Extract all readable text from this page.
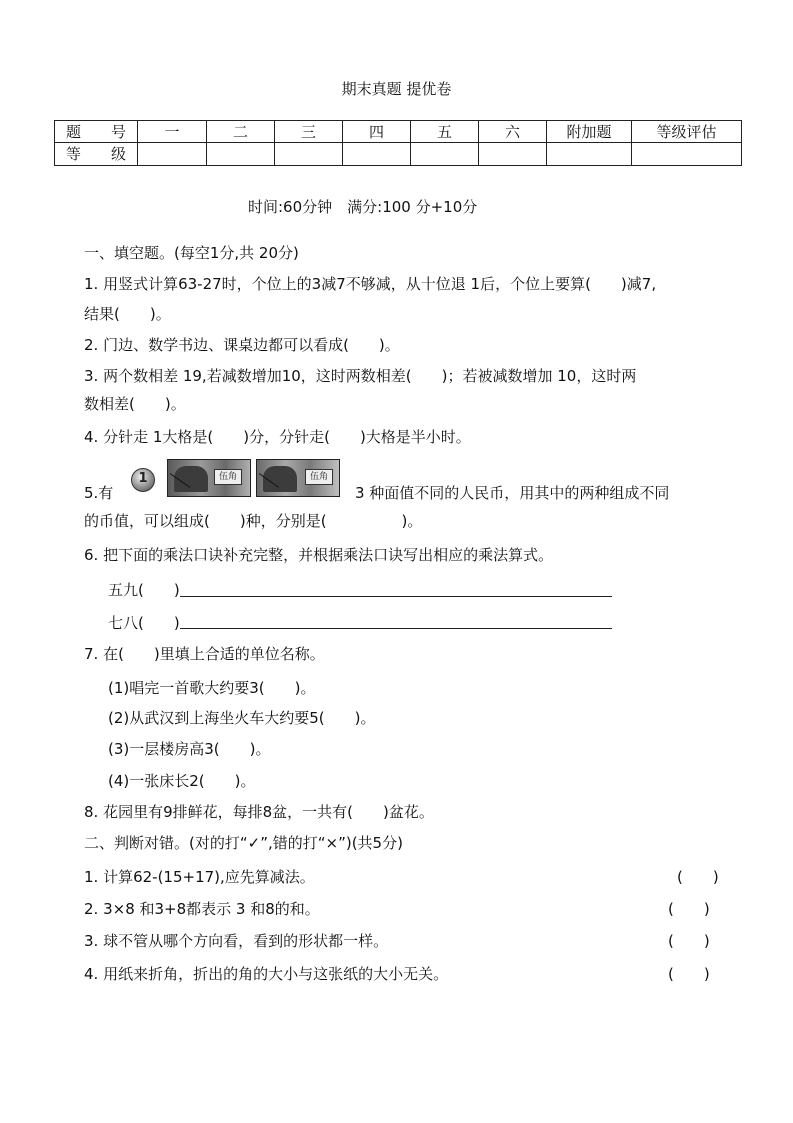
期末真题 提优卷
题　　号	一	二	三	四	五	六	附加题	等级评估
等　　级								
时间:60分钟　满分:100 分+10分
一、填空题。(每空1分,共 20分)
1. 用竖式计算63-27时，个位上的3减7不够减，从十位退 1后，个位上要算(　　)减7,
结果(　　)。
2. 门边、数学书边、课桌边都可以看成(　　)。
3. 两个数相差 19,若减数增加10，这时两数相差(　　)；若被减数增加 10，这时两
数相差(　　)。
4. 分针走 1大格是(　　)分，分针走(　　)大格是半小时。
5.有
1	伍角	伍角
3 种面值不同的人民币，用其中的两种组成不同
的币值，可以组成(　　)种，分别是(　　　　　)。
6. 把下面的乘法口诀补充完整，并根据乘法口诀写出相应的乘法算式。
五九(　　)
七八(　　)
7. 在(　　)里填上合适的单位名称。
(1)唱完一首歌大约要3(　　)。
(2)从武汉到上海坐火车大约要5(　　)。
(3)一层楼房高3(　　)。
(4)一张床长2(　　)。
8. 花园里有9排鲜花，每排8盆，一共有(　　)盆花。
二、判断对错。(对的打“✓”,错的打“×”)(共5分)
1. 计算62-(15+17),应先算减法。	(　　)
2. 3×8 和3+8都表示 3 和8的和。	(　　)
3. 球不管从哪个方向看，看到的形状都一样。	(　　)
4. 用纸来折角，折出的角的大小与这张纸的大小无关。	(　　)
